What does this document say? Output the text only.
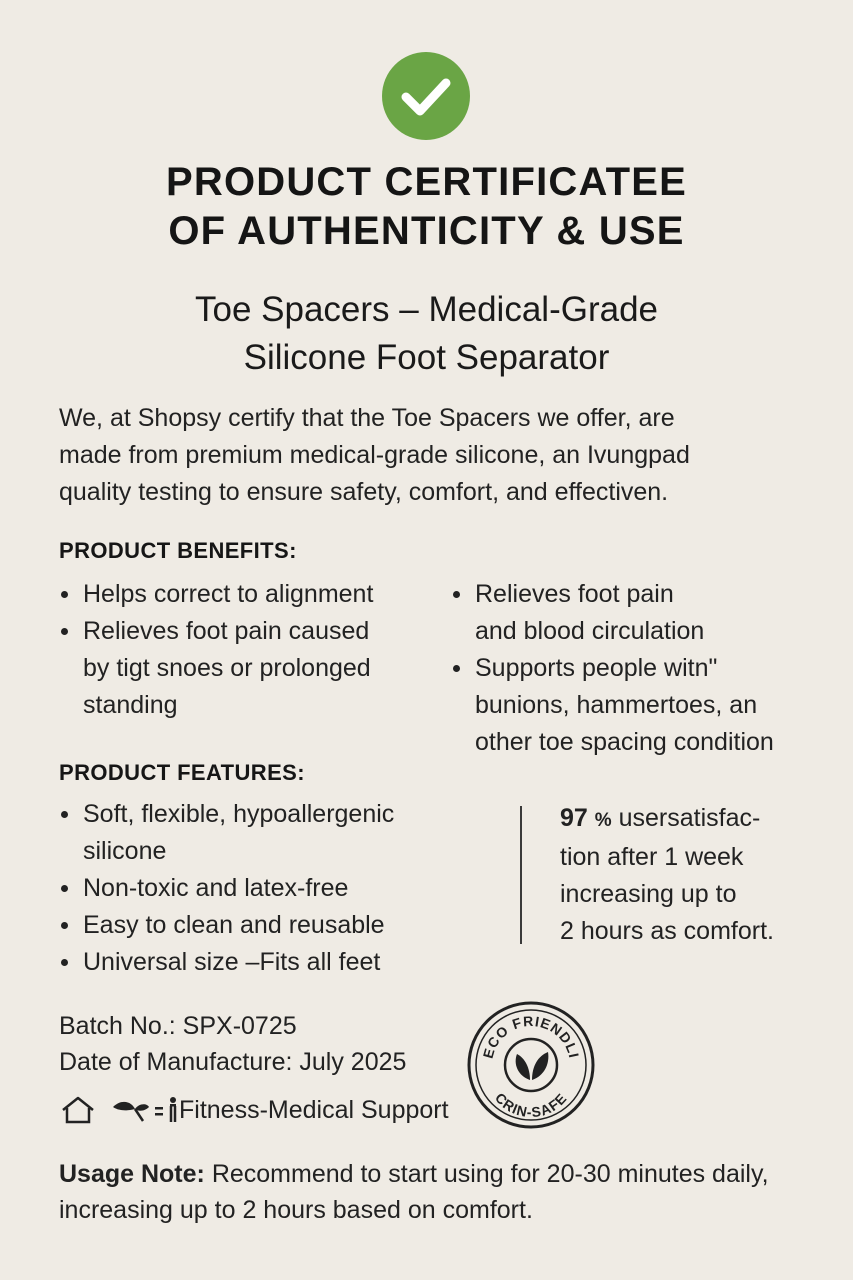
PRODUCT CERTIFICATEE
OF AUTHENTICITY & USE
Toe Spacers – Medical-Grade
Silicone Foot Separator
We, at Shopsy certify that the Toe Spacers we offer, are
made from premium medical-grade silicone, an Ivungpad
quality testing to ensure safety, comfort, and effectiven.
PRODUCT BENEFITS:
Helps correct to alignment
Relieves foot pain caused
by tigt snoes or prolonged
standing
Relieves foot pain
and blood circulation
Supports people witn"
bunions, hammertoes, an
other toe spacing condition
PRODUCT FEATURES:
Soft, flexible, hypoallergenic
silicone
Non-toxic and latex-free
Easy to clean and reusable
Universal size –Fits all feet
97 % usersatisfac-
tion after 1 week
increasing up to
2 hours as comfort.
Batch No.: SPX-0725
Date of Manufacture: July 2025
Fitness-Medical Support
ECO FRIENDLI
CRIN-SAFE
Usage Note: Recommend to start using for 20-30 minutes daily, increasing up to 2 hours based on comfort.
